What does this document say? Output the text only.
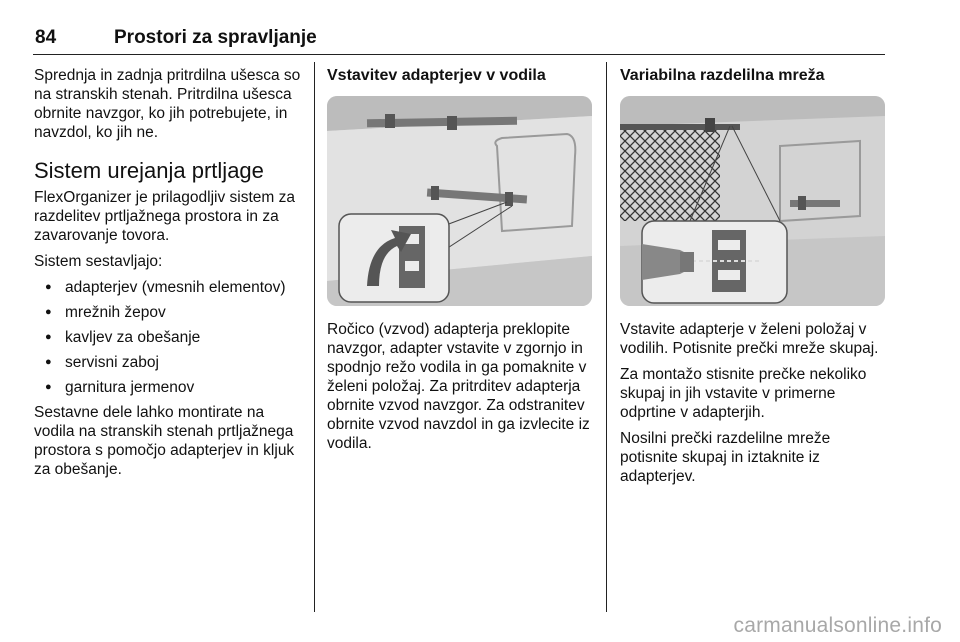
84	Prostori za spravljanje

Sprednja in zadnja pritrdilna ušesca so na stranskih stenah. Pritrdilna ušesca obrnite navzgor, ko jih potrebujete, in navzdol, ko jih ne.

Sistem urejanja prtljage

FlexOrganizer je prilagodljiv sistem za razdelitev prtljažnega prostora in za zavarovanje tovora.

Sistem sestavljajo:

● adapterjev (vmesnih elementov)
● mrežnih žepov
● kavljev za obešanje
● servisni zaboj
● garnitura jermenov

Sestavne dele lahko montirate na vodila na stranskih stenah prtljažnega prostora s pomočjo adapterjev in kljuk za obešanje.

Vstavitev adapterjev v vodila

Ročico (vzvod) adapterja preklopite navzgor, adapter vstavite v zgornjo in spodnjo režo vodila in ga pomaknite v želeni položaj. Za pritrditev adapterja obrnite vzvod navzgor. Za odstranitev obrnite vzvod navzdol in ga izvlecite iz vodila.

Variabilna razdelilna mreža

Vstavite adapterje v želeni položaj v vodilih. Potisnite prečki mreže skupaj.

Za montažo stisnite prečke nekoliko skupaj in jih vstavite v primerne odprtine v adapterjih.

Nosilni prečki razdelilne mreže potisnite skupaj in iztaknite iz adapterjev.

carmanualsonline.info
